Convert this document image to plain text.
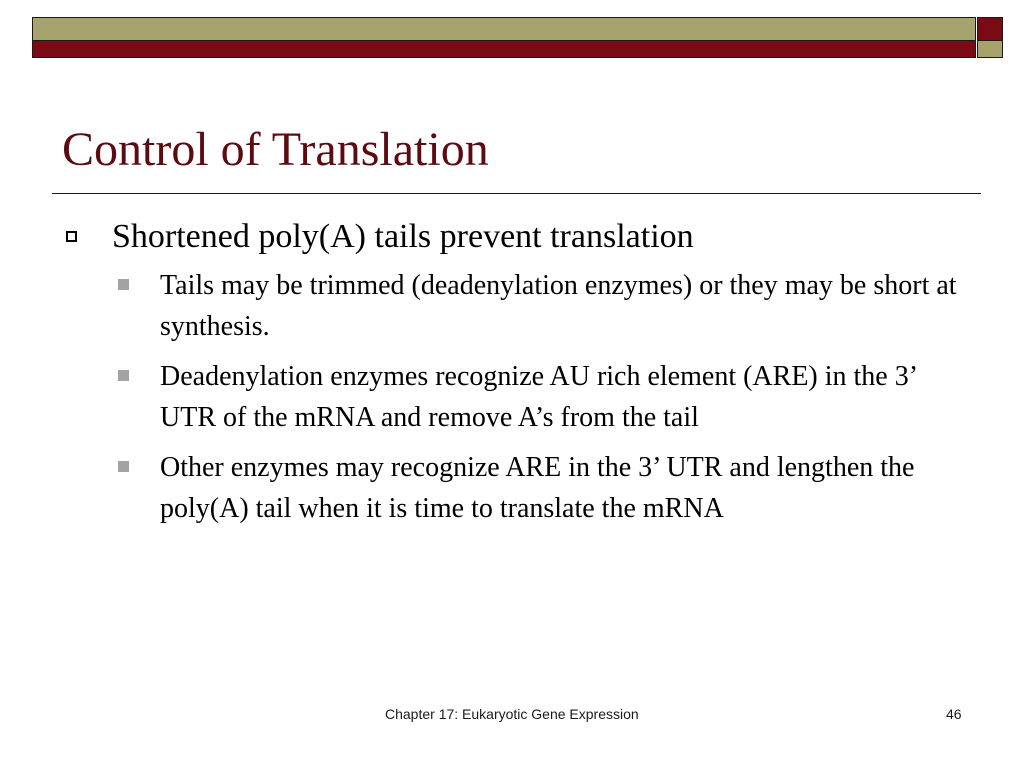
Control of Translation
Shortened poly(A) tails prevent translation
Tails may be trimmed (deadenylation enzymes) or they may be short at synthesis.
Deadenylation enzymes recognize AU rich element (ARE) in the 3’ UTR of the mRNA and remove A’s from the tail
Other enzymes may recognize ARE in the 3’ UTR and lengthen the poly(A) tail when it is time to translate the mRNA
Chapter 17: Eukaryotic Gene Expression	46
